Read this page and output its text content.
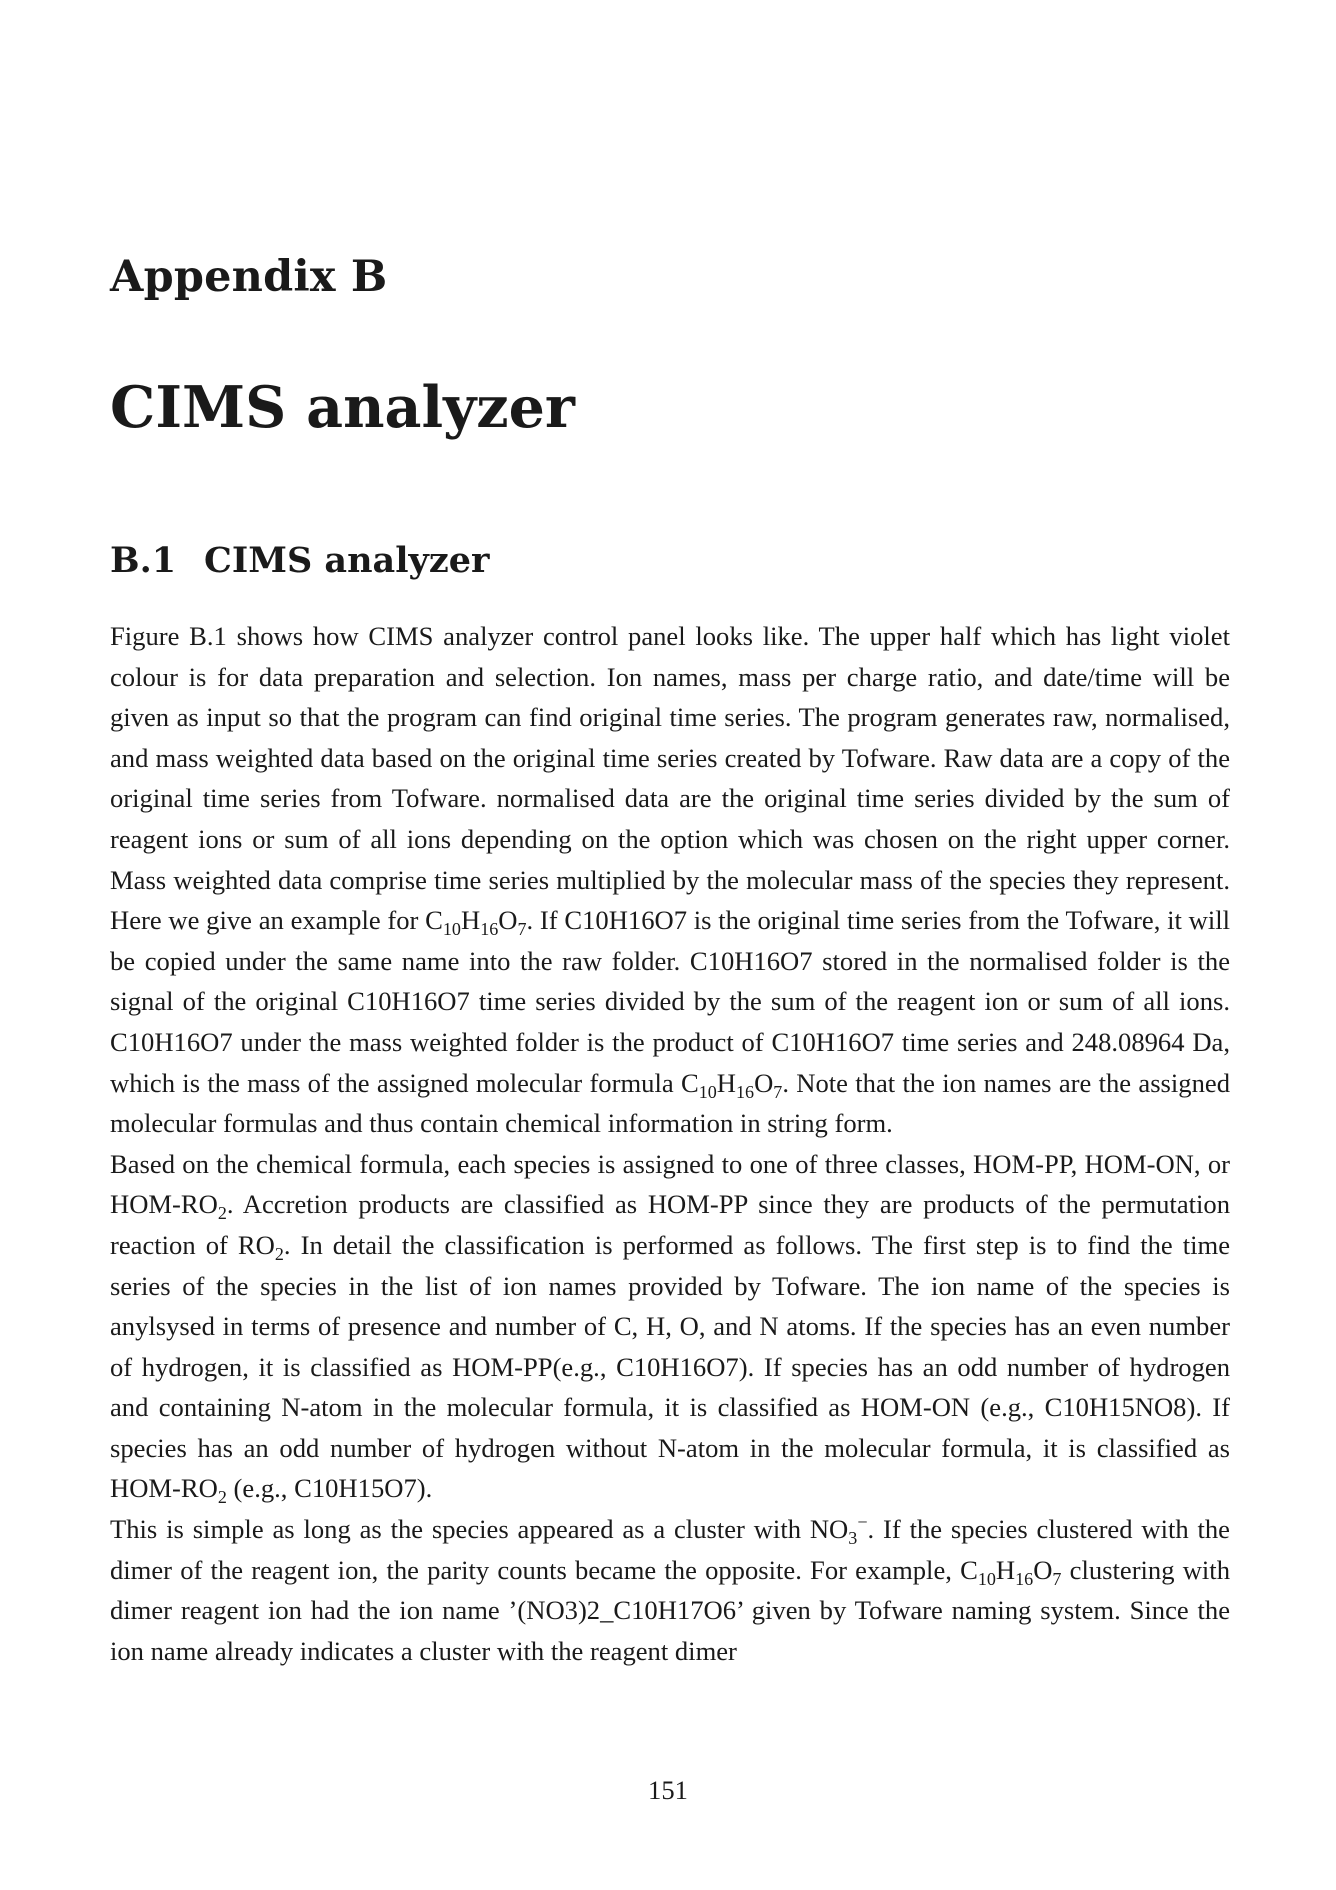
Appendix B
CIMS analyzer
B.1 CIMS analyzer

Figure B.1 shows how CIMS analyzer control panel looks like. The upper half which has light violet colour is for data preparation and selection. Ion names, mass per charge ratio, and date/time will be given as input so that the program can find original time series. The program generates raw, normalised, and mass weighted data based on the original time series created by Tofware. Raw data are a copy of the original time series from Tofware. normalised data are the original time series divided by the sum of reagent ions or sum of all ions depending on the option which was chosen on the right upper corner. Mass weighted data comprise time series multiplied by the molecular mass of the species they represent. Here we give an example for $C_{10}H_{16}O_7$. If C10H16O7 is the original time series from the Tofware, it will be copied under the same name into the raw folder. C10H16O7 stored in the normalised folder is the signal of the original C10H16O7 time series divided by the sum of the reagent ion or sum of all ions. C10H16O7 under the mass weighted folder is the product of C10H16O7 time series and 248.08964 Da, which is the mass of the assigned molecular formula $C_{10}H_{16}O_7$. Note that the ion names are the assigned molecular formulas and thus contain chemical information in string form.

Based on the chemical formula, each species is assigned to one of three classes, HOM-PP, HOM-ON, or HOM-$RO_2$. Accretion products are classified as HOM-PP since they are products of the permutation reaction of $RO_2$. In detail the classification is performed as follows. The first step is to find the time series of the species in the list of ion names provided by Tofware. The ion name of the species is anylsysed in terms of presence and number of C, H, O, and N atoms. If the species has an even number of hydrogen, it is classified as HOM-PP(e.g., C10H16O7). If species has an odd number of hydrogen and containing N-atom in the molecular formula, it is classified as HOM-ON (e.g., C10H15NO8). If species has an odd number of hydrogen without N-atom in the molecular formula, it is classified as HOM-$RO_2$ (e.g., C10H15O7).

This is simple as long as the species appeared as a cluster with $NO_3^-$. If the species clustered with the dimer of the reagent ion, the parity counts became the opposite. For example, $C_{10}H_{16}O_7$ clustering with dimer reagent ion had the ion name ’(NO3)2_C10H17O6’ given by Tofware naming system. Since the ion name already indicates a cluster with the reagent dimer

151
